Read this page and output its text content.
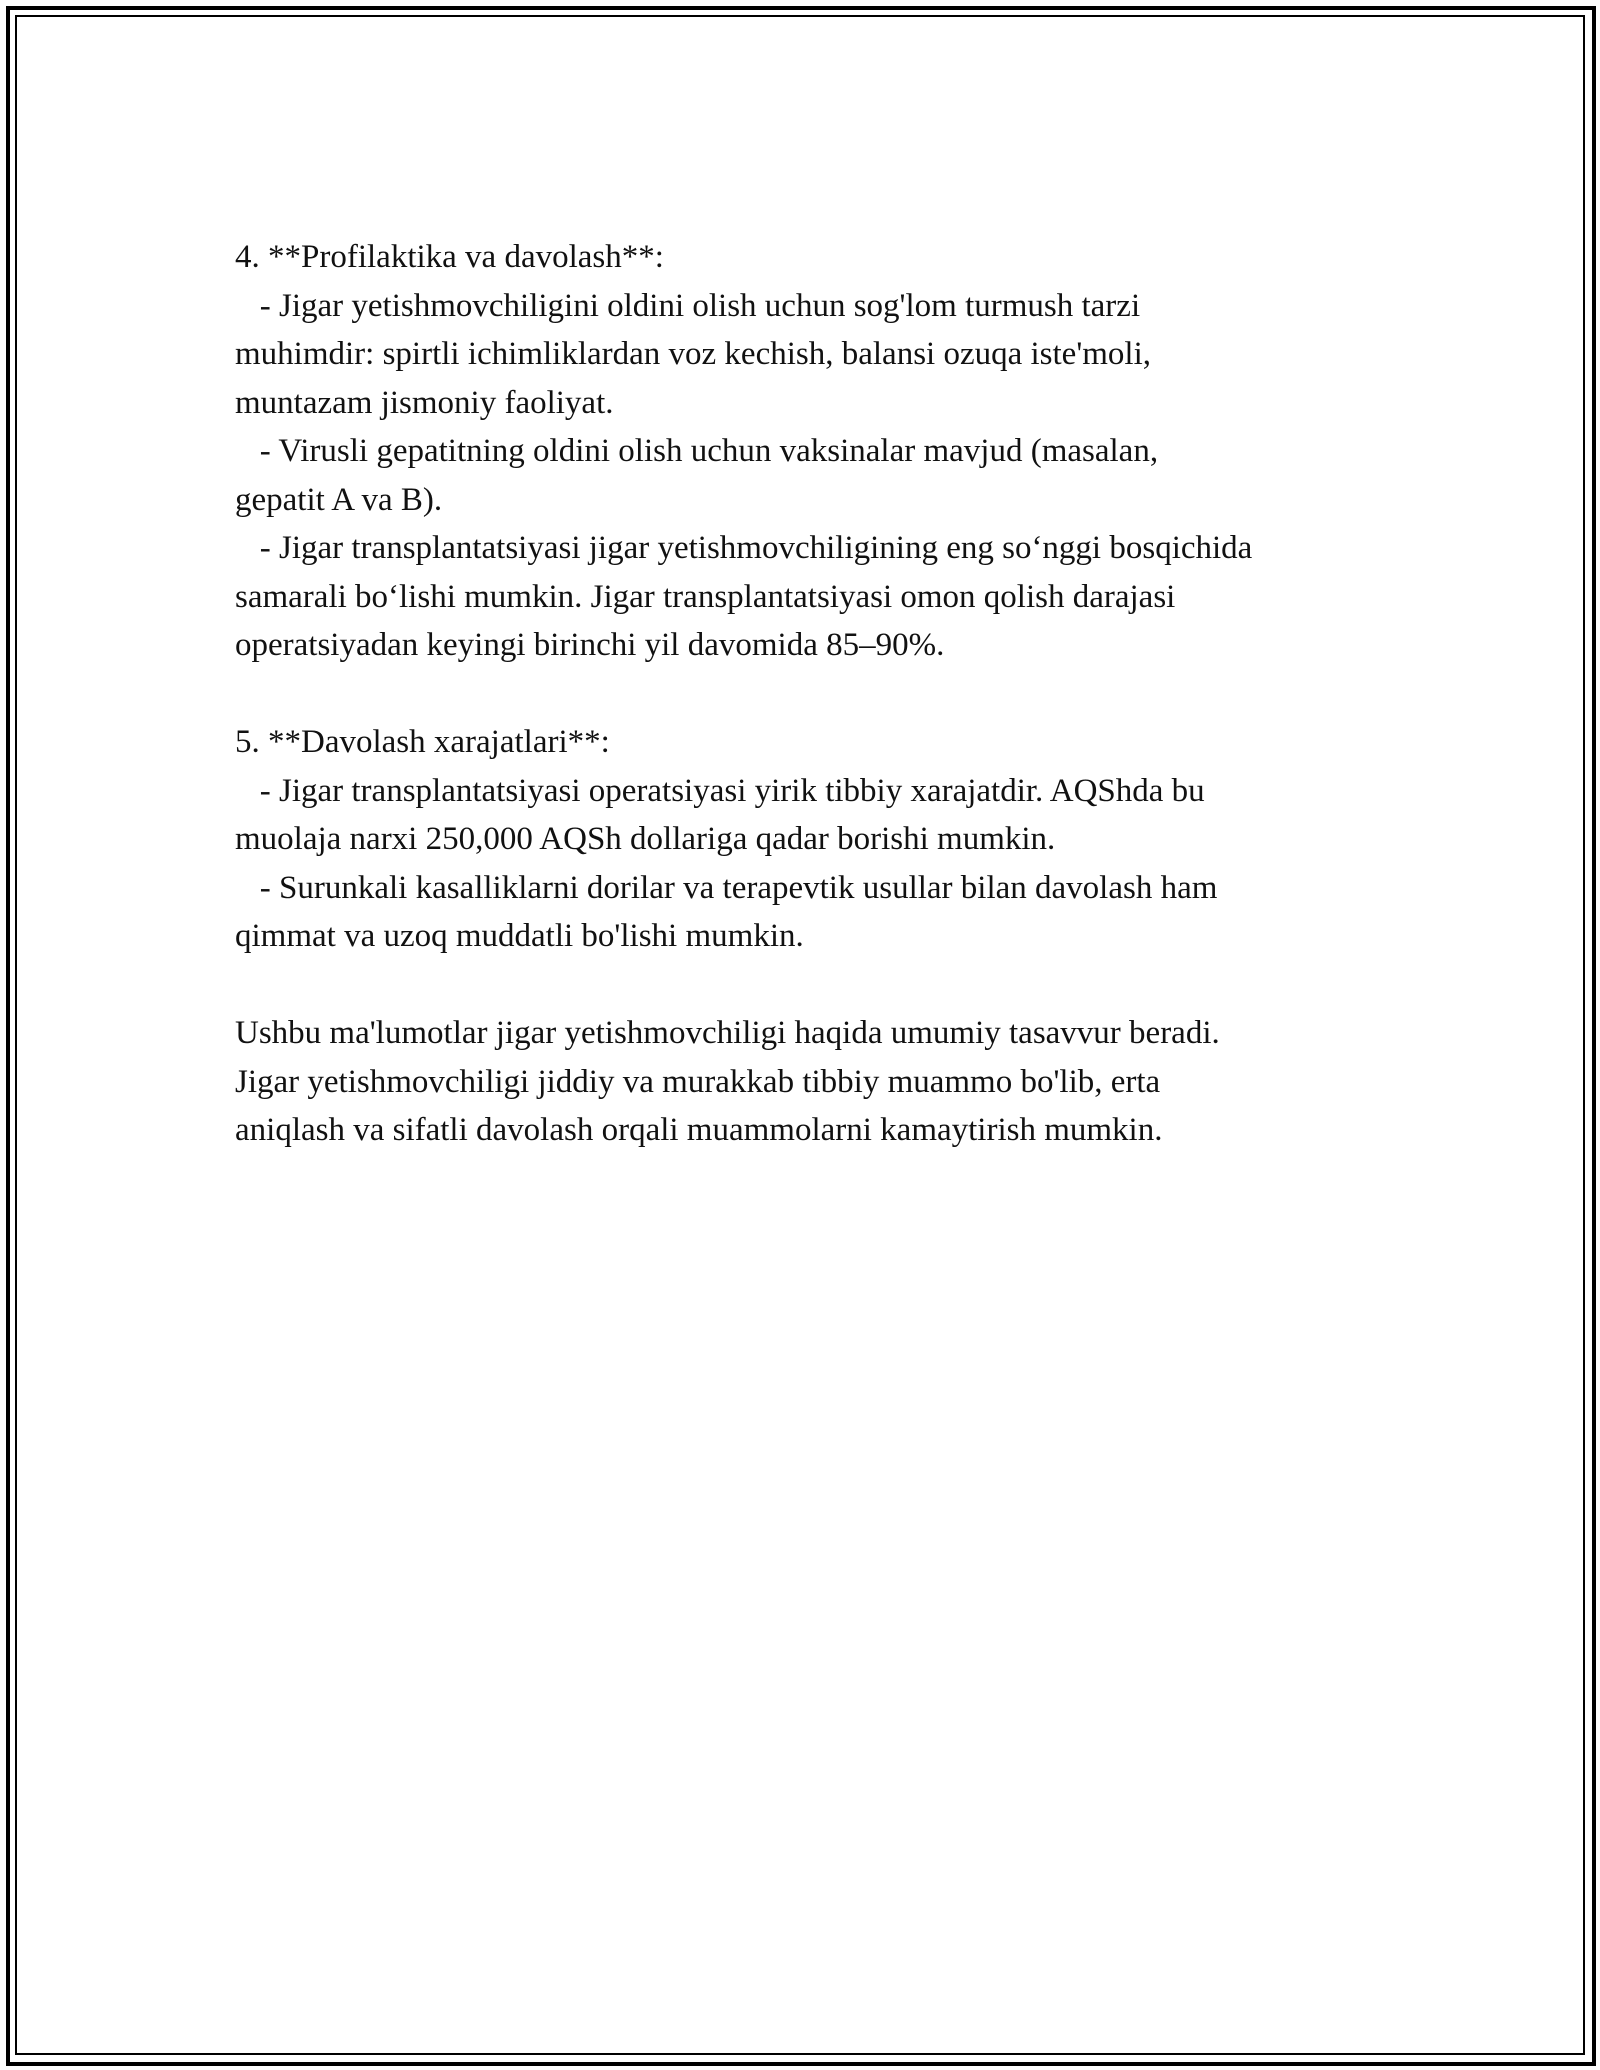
4. **Profilaktika va davolash**:
- Jigar yetishmovchiligini oldini olish uchun sog'lom turmush tarzi
muhimdir: spirtli ichimliklardan voz kechish, balansi ozuqa iste'moli,
muntazam jismoniy faoliyat.
- Virusli gepatitning oldini olish uchun vaksinalar mavjud (masalan,
gepatit A va B).
- Jigar transplantatsiyasi jigar yetishmovchiligining eng so‘nggi bosqichida
samarali bo‘lishi mumkin. Jigar transplantatsiyasi omon qolish darajasi
operatsiyadan keyingi birinchi yil davomida 85–90%.
5. **Davolash xarajatlari**:
- Jigar transplantatsiyasi operatsiyasi yirik tibbiy xarajatdir. AQShda bu
muolaja narxi 250,000 AQSh dollariga qadar borishi mumkin.
- Surunkali kasalliklarni dorilar va terapevtik usullar bilan davolash ham
qimmat va uzoq muddatli bo'lishi mumkin.
Ushbu ma'lumotlar jigar yetishmovchiligi haqida umumiy tasavvur beradi.
Jigar yetishmovchiligi jiddiy va murakkab tibbiy muammo bo'lib, erta
aniqlash va sifatli davolash orqali muammolarni kamaytirish mumkin.
